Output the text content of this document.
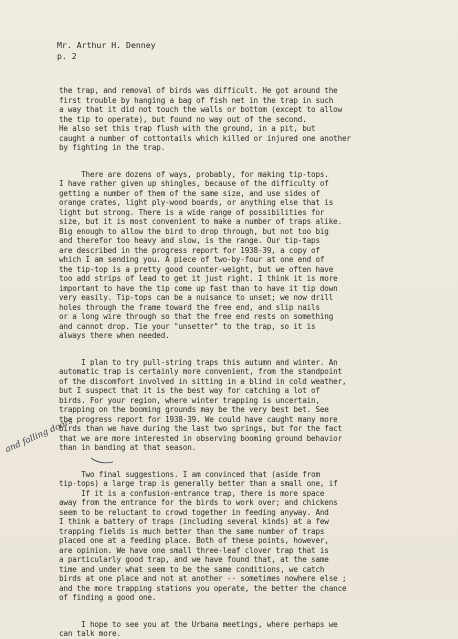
Mr. Arthur H. Denney
p. 2
the trap, and removal of birds was difficult. He got around the
first trouble by hanging a bag of fish net in the trap in such
a way that it did not touch the walls or bottom (except to allow
the tip to operate), but found no way out of the second.
He also set this trap flush with the ground, in a pit, but
caught a number of cottontails which killed or injured one another
by fighting in the trap.
There are dozens of ways, probably, for making tip-tops.
I have rather given up shingles, because of the difficulty of
getting a number of them of the same size, and use sides of
orange crates, light ply-wood boards, or anything else that is
light but strong. There is a wide range of possibilities for
size, but it is most convenient to make a number of traps alike.
Big enough to allow the bird to drop through, but not too big
and therefor too heavy and slow, is the range. Our tip-taps
are described in the progress report for 1938-39, a copy of
which I am sending you. A piece of two-by-four at one end of
the tip-top is a pretty good counter-weight, but we often have
too add strips of lead to get it just right. I think it is more
important to have the tip come up fast than to have it tip down
very easily. Tip-tops can be a nuisance to unset; we now drill
holes through the frame toward the free end, and slip nails
or a long wire through so that the free end rests on something
and cannot drop. Tie your "unsetter" to the trap, so it is
always there when needed.
I plan to try pull-string traps this autumn and winter. An
automatic trap is certainly more convenient, from the standpoint
of the discomfort involved in sitting in a blind in cold weather,
but I suspect that it is the best way for catching a lot of
birds. For your region, where winter trapping is uncertain,
trapping on the booming grounds may be the very best bet. See
the progress report for 1938-39. We could have caught many more
birds than we have during the last two springs, but for the fact
that we are more interested in observing booming ground behavior
than in banding at that season.
Two final suggestions. I am convinced that (aside from
tip-tops) a large trap is generally better than a small one, if
If it is a confusion-entrance trap, there is more space
away from the entrance for the birds to work over; and chickens
seem to be reluctant to crowd together in feeding anyway. And
I think a battery of traps (including several kinds) at a few
trapping fields is much better than the same number of traps
placed one at a feeding place. Both of these points, however,
are opinion. We have one small three-leaf clover trap that is
a particularly good trap, and we have found that, at the same
time and under what seem to be the same conditions, we catch
birds at one place and not at another -- sometimes nowhere else ;
and the more trapping stations you operate, the better the chance
of finding a good one.
I hope to see you at the Urbana meetings, where perhaps we
can talk more.
and falling doors
